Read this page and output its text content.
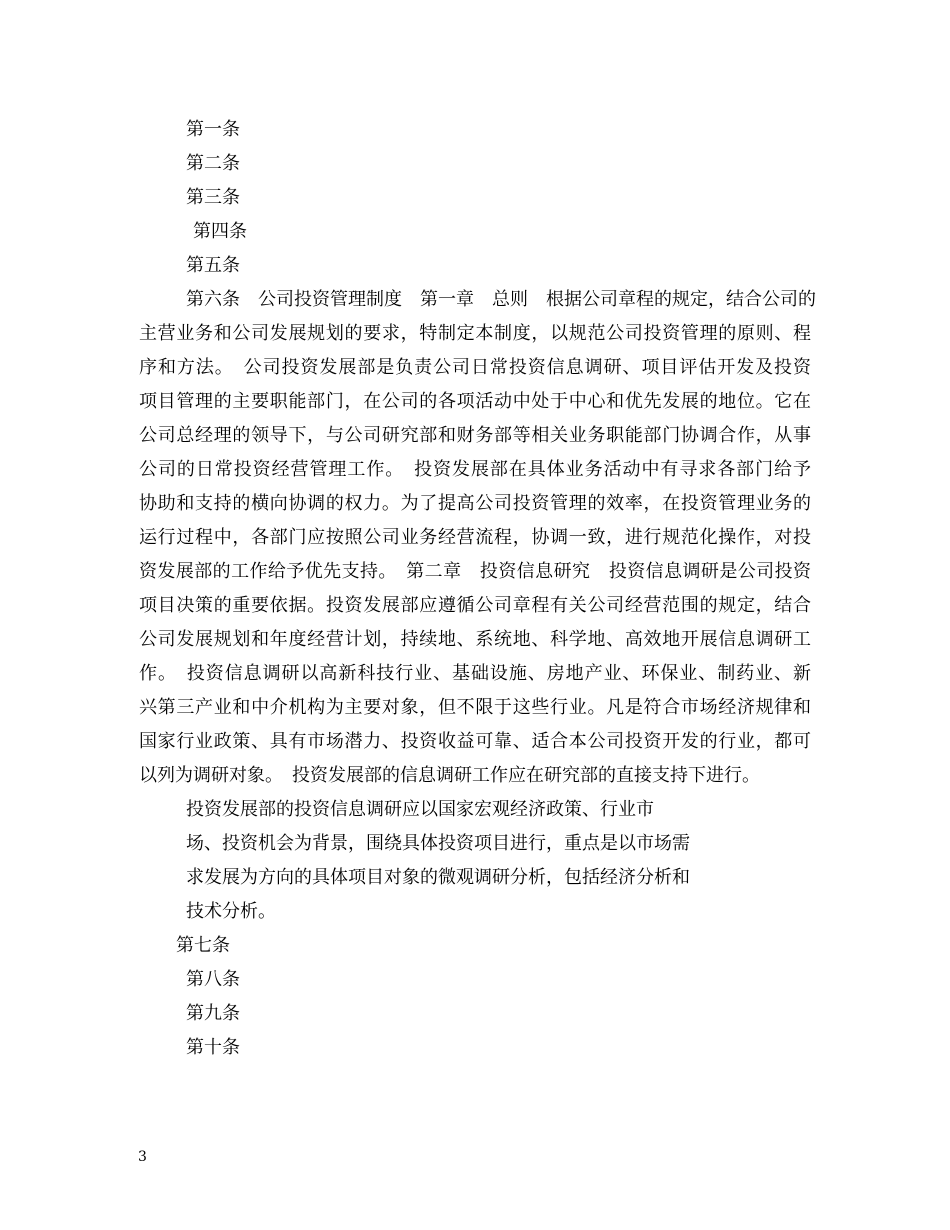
第一条
第二条
第三条
第四条
第五条
第六条　公司投资管理制度　第一章　总则　根据公司章程的规定，结合公司的
主营业务和公司发展规划的要求，特制定本制度，以规范公司投资管理的原则、程
序和方法。　公司投资发展部是负责公司日常投资信息调研、项目评估开发及投资
项目管理的主要职能部门，在公司的各项活动中处于中心和优先发展的地位。它在
公司总经理的领导下，与公司研究部和财务部等相关业务职能部门协调合作，从事
公司的日常投资经营管理工作。　投资发展部在具体业务活动中有寻求各部门给予
协助和支持的横向协调的权力。为了提高公司投资管理的效率，在投资管理业务的
运行过程中，各部门应按照公司业务经营流程，协调一致，进行规范化操作，对投
资发展部的工作给予优先支持。　第二章　投资信息研究　投资信息调研是公司投资
项目决策的重要依据。投资发展部应遵循公司章程有关公司经营范围的规定，结合
公司发展规划和年度经营计划，持续地、系统地、科学地、高效地开展信息调研工
作。　投资信息调研以高新科技行业、基础设施、房地产业、环保业、制药业、新
兴第三产业和中介机构为主要对象，但不限于这些行业。凡是符合市场经济规律和
国家行业政策、具有市场潜力、投资收益可靠、适合本公司投资开发的行业，都可
以列为调研对象。　投资发展部的信息调研工作应在研究部的直接支持下进行。
投资发展部的投资信息调研应以国家宏观经济政策、行业市
场、投资机会为背景，围绕具体投资项目进行，重点是以市场需
求发展为方向的具体项目对象的微观调研分析，包括经济分析和
技术分析。
第七条
第八条
第九条
第十条
3
